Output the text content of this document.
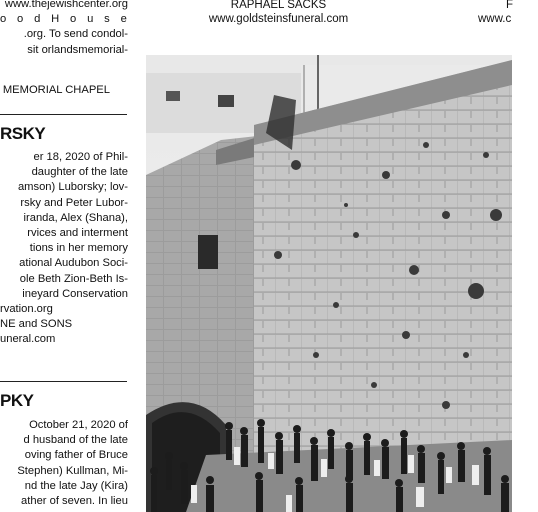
www.thejewishcenter.org
o o d H o u s e
.org. To send condol-
sit orlandsmemorial-
MEMORIAL CHAPEL
RSKY
er 18, 2020 of Phil-
daughter of the late
amson) Luborsky; lov-
rsky and Peter Lubor-
iranda, Alex (Shana),
rvices and interment
tions in her memory
ational Audubon Soci-
ole Beth Zion-Beth Is-
ineyard Conservation
rvation.org
NE and SONS
uneral.com
PKY
October 21, 2020 of
d husband of the late
oving father of Bruce
Stephen) Kullman, Mi-
nd the late Jay (Kira)
ather of seven. In lieu
RAPHAEL SACKS
www.goldsteinsfuneral.com
F
www.c
